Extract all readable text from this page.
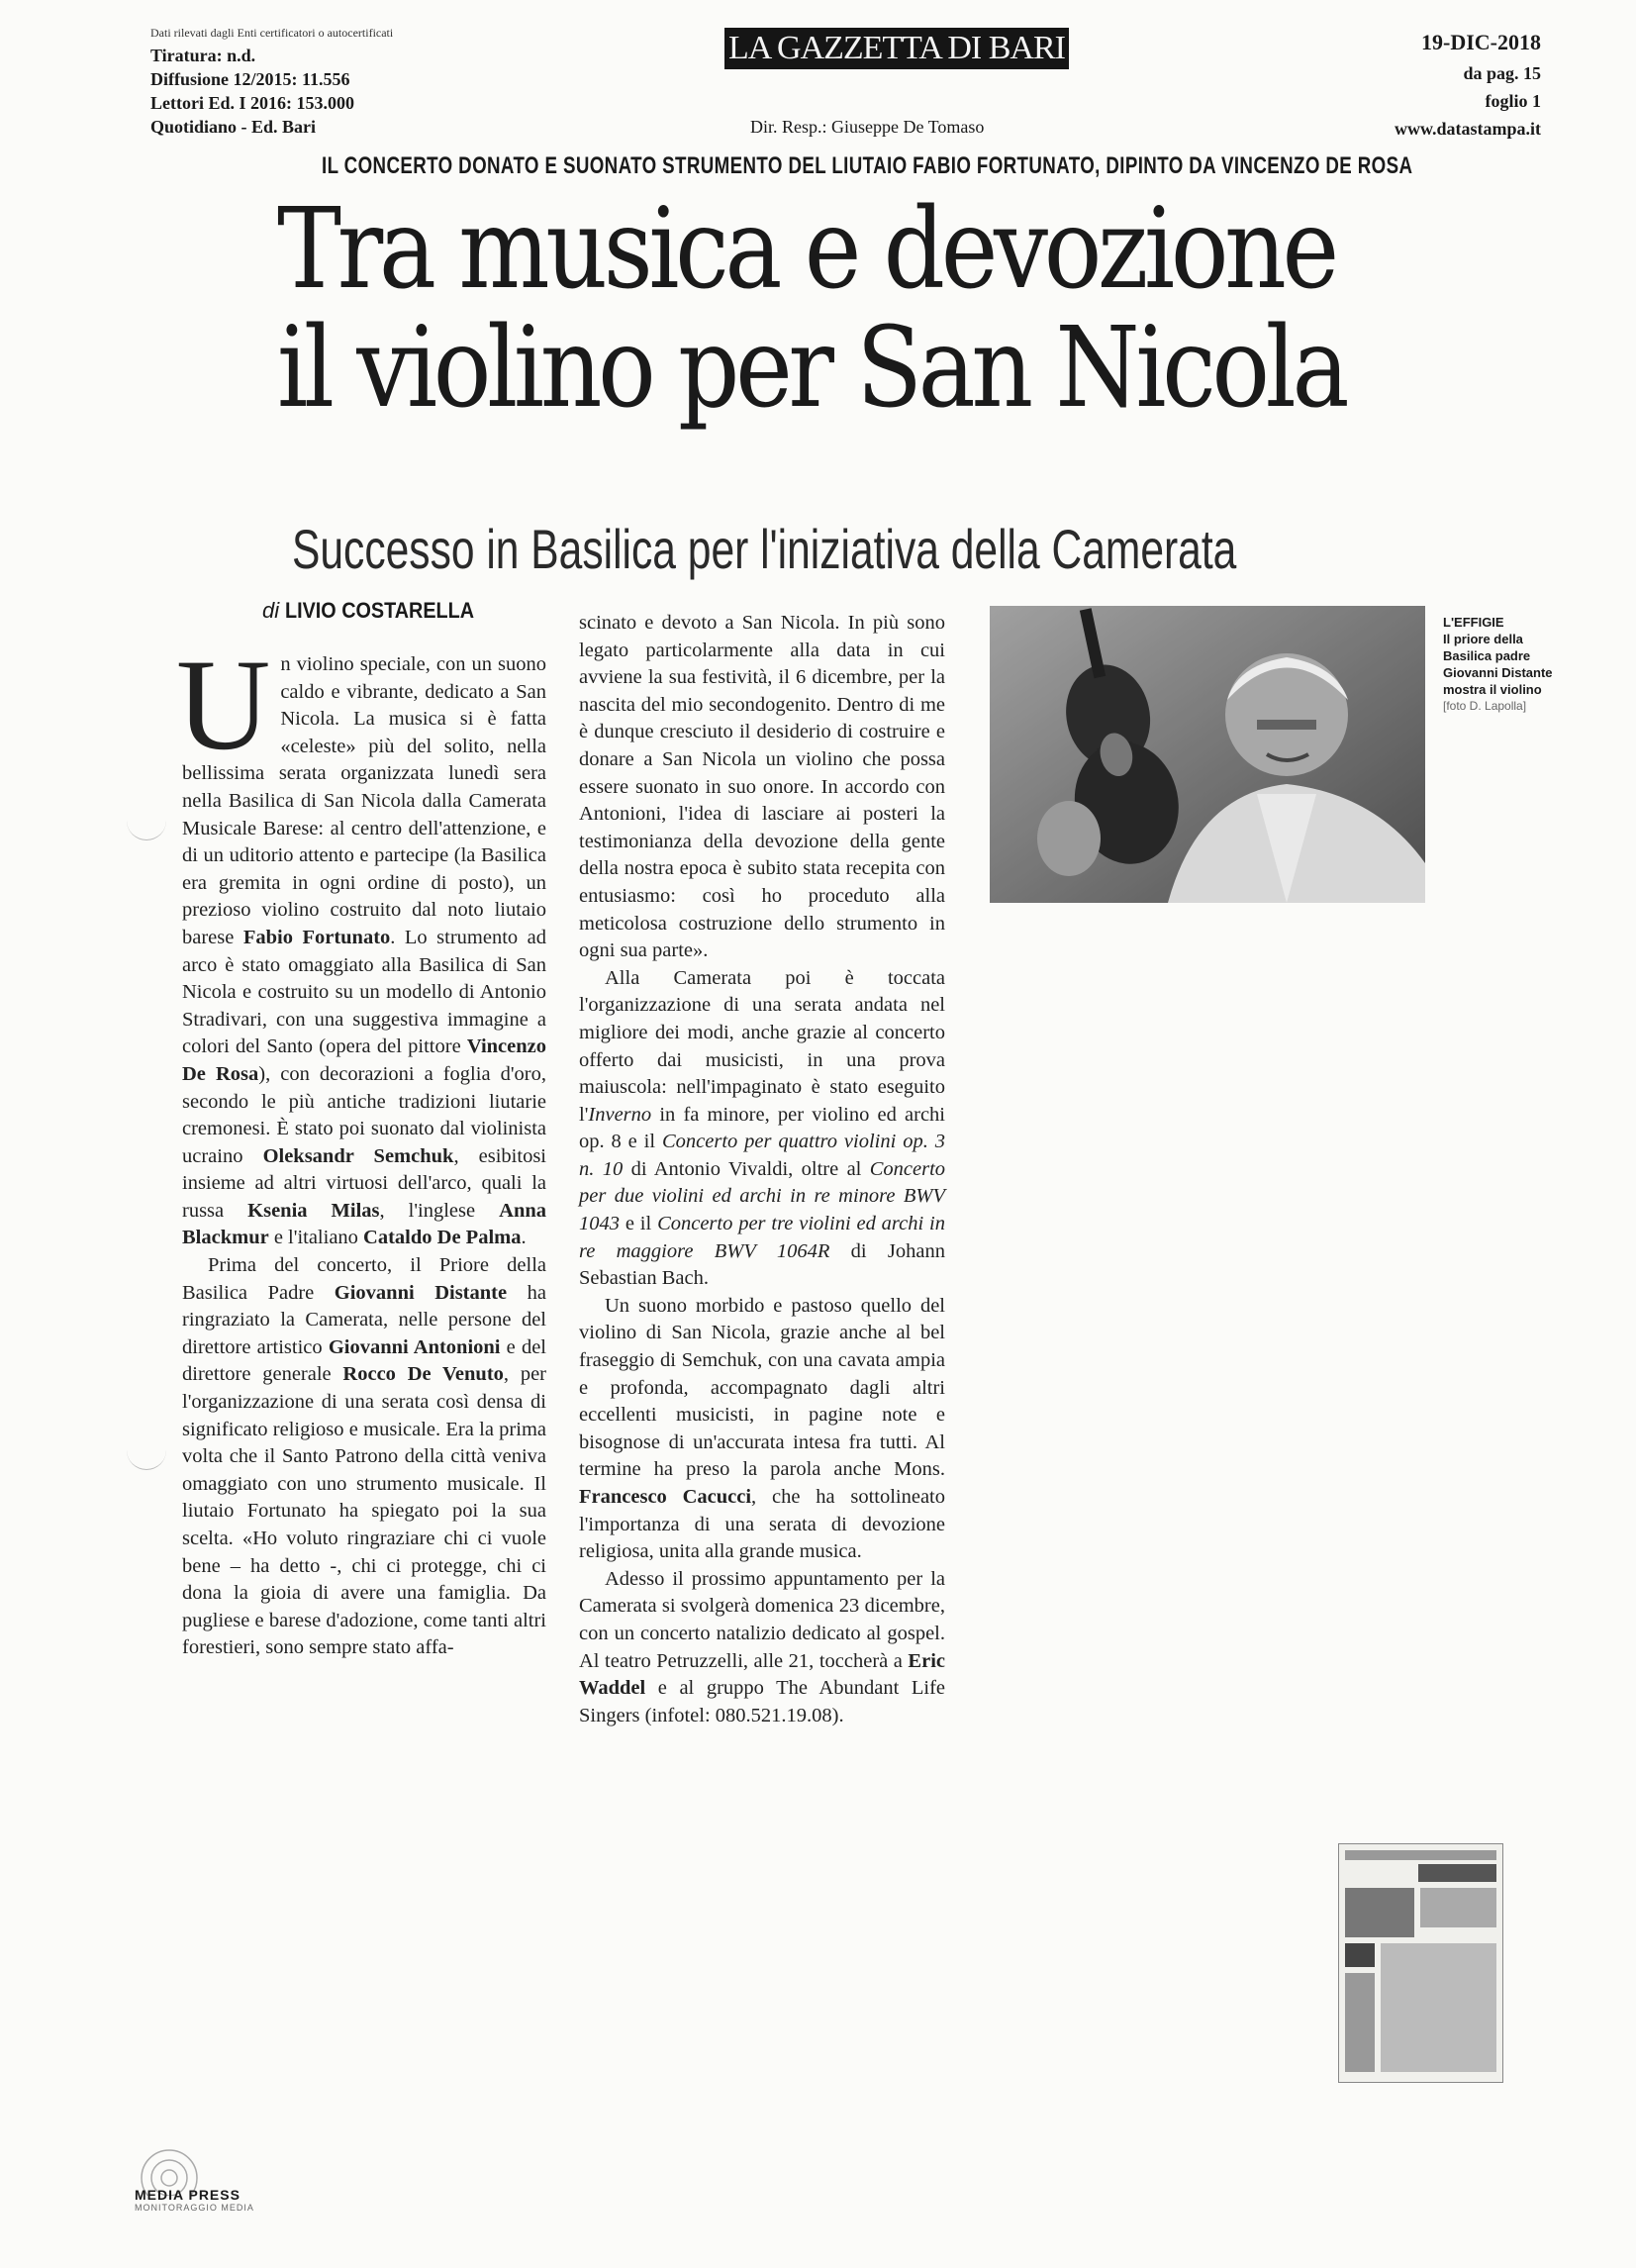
Dati rilevati dagli Enti certificatori o autocertificati
Tiratura: n.d.
Diffusione 12/2015: 11.556
Lettori Ed. I 2016: 153.000
Quotidiano - Ed. Bari
LA GAZZETTA DI BARI
Dir. Resp.: Giuseppe De Tomaso
19-DIC-2018
da pag. 15
foglio 1
www.datastampa.it
IL CONCERTO DONATO E SUONATO STRUMENTO DEL LIUTAIO FABIO FORTUNATO, DIPINTO DA VINCENZO DE ROSA
Tra musica e devozione
il violino per San Nicola
Successo in Basilica per l'iniziativa della Camerata
di LIVIO COSTARELLA

Un violino speciale, con un suono caldo e vibrante, dedicato a San Nicola. La musica si è fatta «celeste» più del solito, nella bellissima serata organizzata lunedì sera nella Basilica di San Nicola dalla Camerata Musicale Barese: al centro dell'attenzione, e di un uditorio attento e partecipe (la Basilica era gremita in ogni ordine di posto), un prezioso violino costruito dal noto liutaio barese Fabio Fortunato. Lo strumento ad arco è stato omaggiato alla Basilica di San Nicola e costruito su un modello di Antonio Stradivari, con una suggestiva immagine a colori del Santo (opera del pittore Vincenzo De Rosa), con decorazioni a foglia d'oro, secondo le più antiche tradizioni liutarie cremonesi. È stato poi suonato dal violinista ucraino Oleksandr Semchuk, esibitosi insieme ad altri virtuosi dell'arco, quali la russa Ksenia Milas, l'inglese Anna Blackmur e l'italiano Cataldo De Palma.

Prima del concerto, il Priore della Basilica Padre Giovanni Distante ha ringraziato la Camerata, nelle persone del direttore artistico Giovanni Antonioni e del direttore generale Rocco De Venuto, per l'organizzazione di una serata così densa di significato religioso e musicale. Era la prima volta che il Santo Patrono della città veniva omaggiato con uno strumento musicale. Il liutaio Fortunato ha spiegato poi la sua scelta. «Ho voluto ringraziare chi ci vuole bene – ha detto -, chi ci protegge, chi ci dona la gioia di avere una famiglia. Da pugliese e barese d'adozione, come tanti altri forestieri, sono sempre stato affa-

scinato e devoto a San Nicola. In più sono legato particolarmente alla data in cui avviene la sua festività, il 6 dicembre, per la nascita del mio secondogenito. Dentro di me è dunque cresciuto il desiderio di costruire e donare a San Nicola un violino che possa essere suonato in suo onore. In accordo con Antonioni, l'idea di lasciare ai posteri la testimonianza della devozione della gente della nostra epoca è subito stata recepita con entusiasmo: così ho proceduto alla meticolosa costruzione dello strumento in ogni sua parte».

Alla Camerata poi è toccata l'organizzazione di una serata andata nel migliore dei modi, anche grazie al concerto offerto dai musicisti, in una prova maiuscola: nell'impaginato è stato eseguito l'Inverno in fa minore, per violino ed archi op. 8 e il Concerto per quattro violini op. 3 n. 10 di Antonio Vivaldi, oltre al Concerto per due violini ed archi in re minore BWV 1043 e il Concerto per tre violini ed archi in re maggiore BWV 1064R di Johann Sebastian Bach.

Un suono morbido e pastoso quello del violino di San Nicola, grazie anche al bel fraseggio di Semchuk, con una cavata ampia e profonda, accompagnato dagli altri eccellenti musicisti, in pagine note e bisognose di un'accurata intesa fra tutti. Al termine ha preso la parola anche Mons. Francesco Cacucci, che ha sottolineato l'importanza di una serata di devozione religiosa, unita alla grande musica.

Adesso il prossimo appuntamento per la Camerata si svolgerà domenica 23 dicembre, con un concerto natalizio dedicato al gospel. Al teatro Petruzzelli, alle 21, toccherà a Eric Waddel e al gruppo The Abundant Life Singers (infotel: 080.521.19.08).

L'EFFIGIE
Il priore della Basilica padre Giovanni Distante mostra il violino
[foto D. Lapolla]
MEDIA PRESS
MONITORAGGIO MEDIA
